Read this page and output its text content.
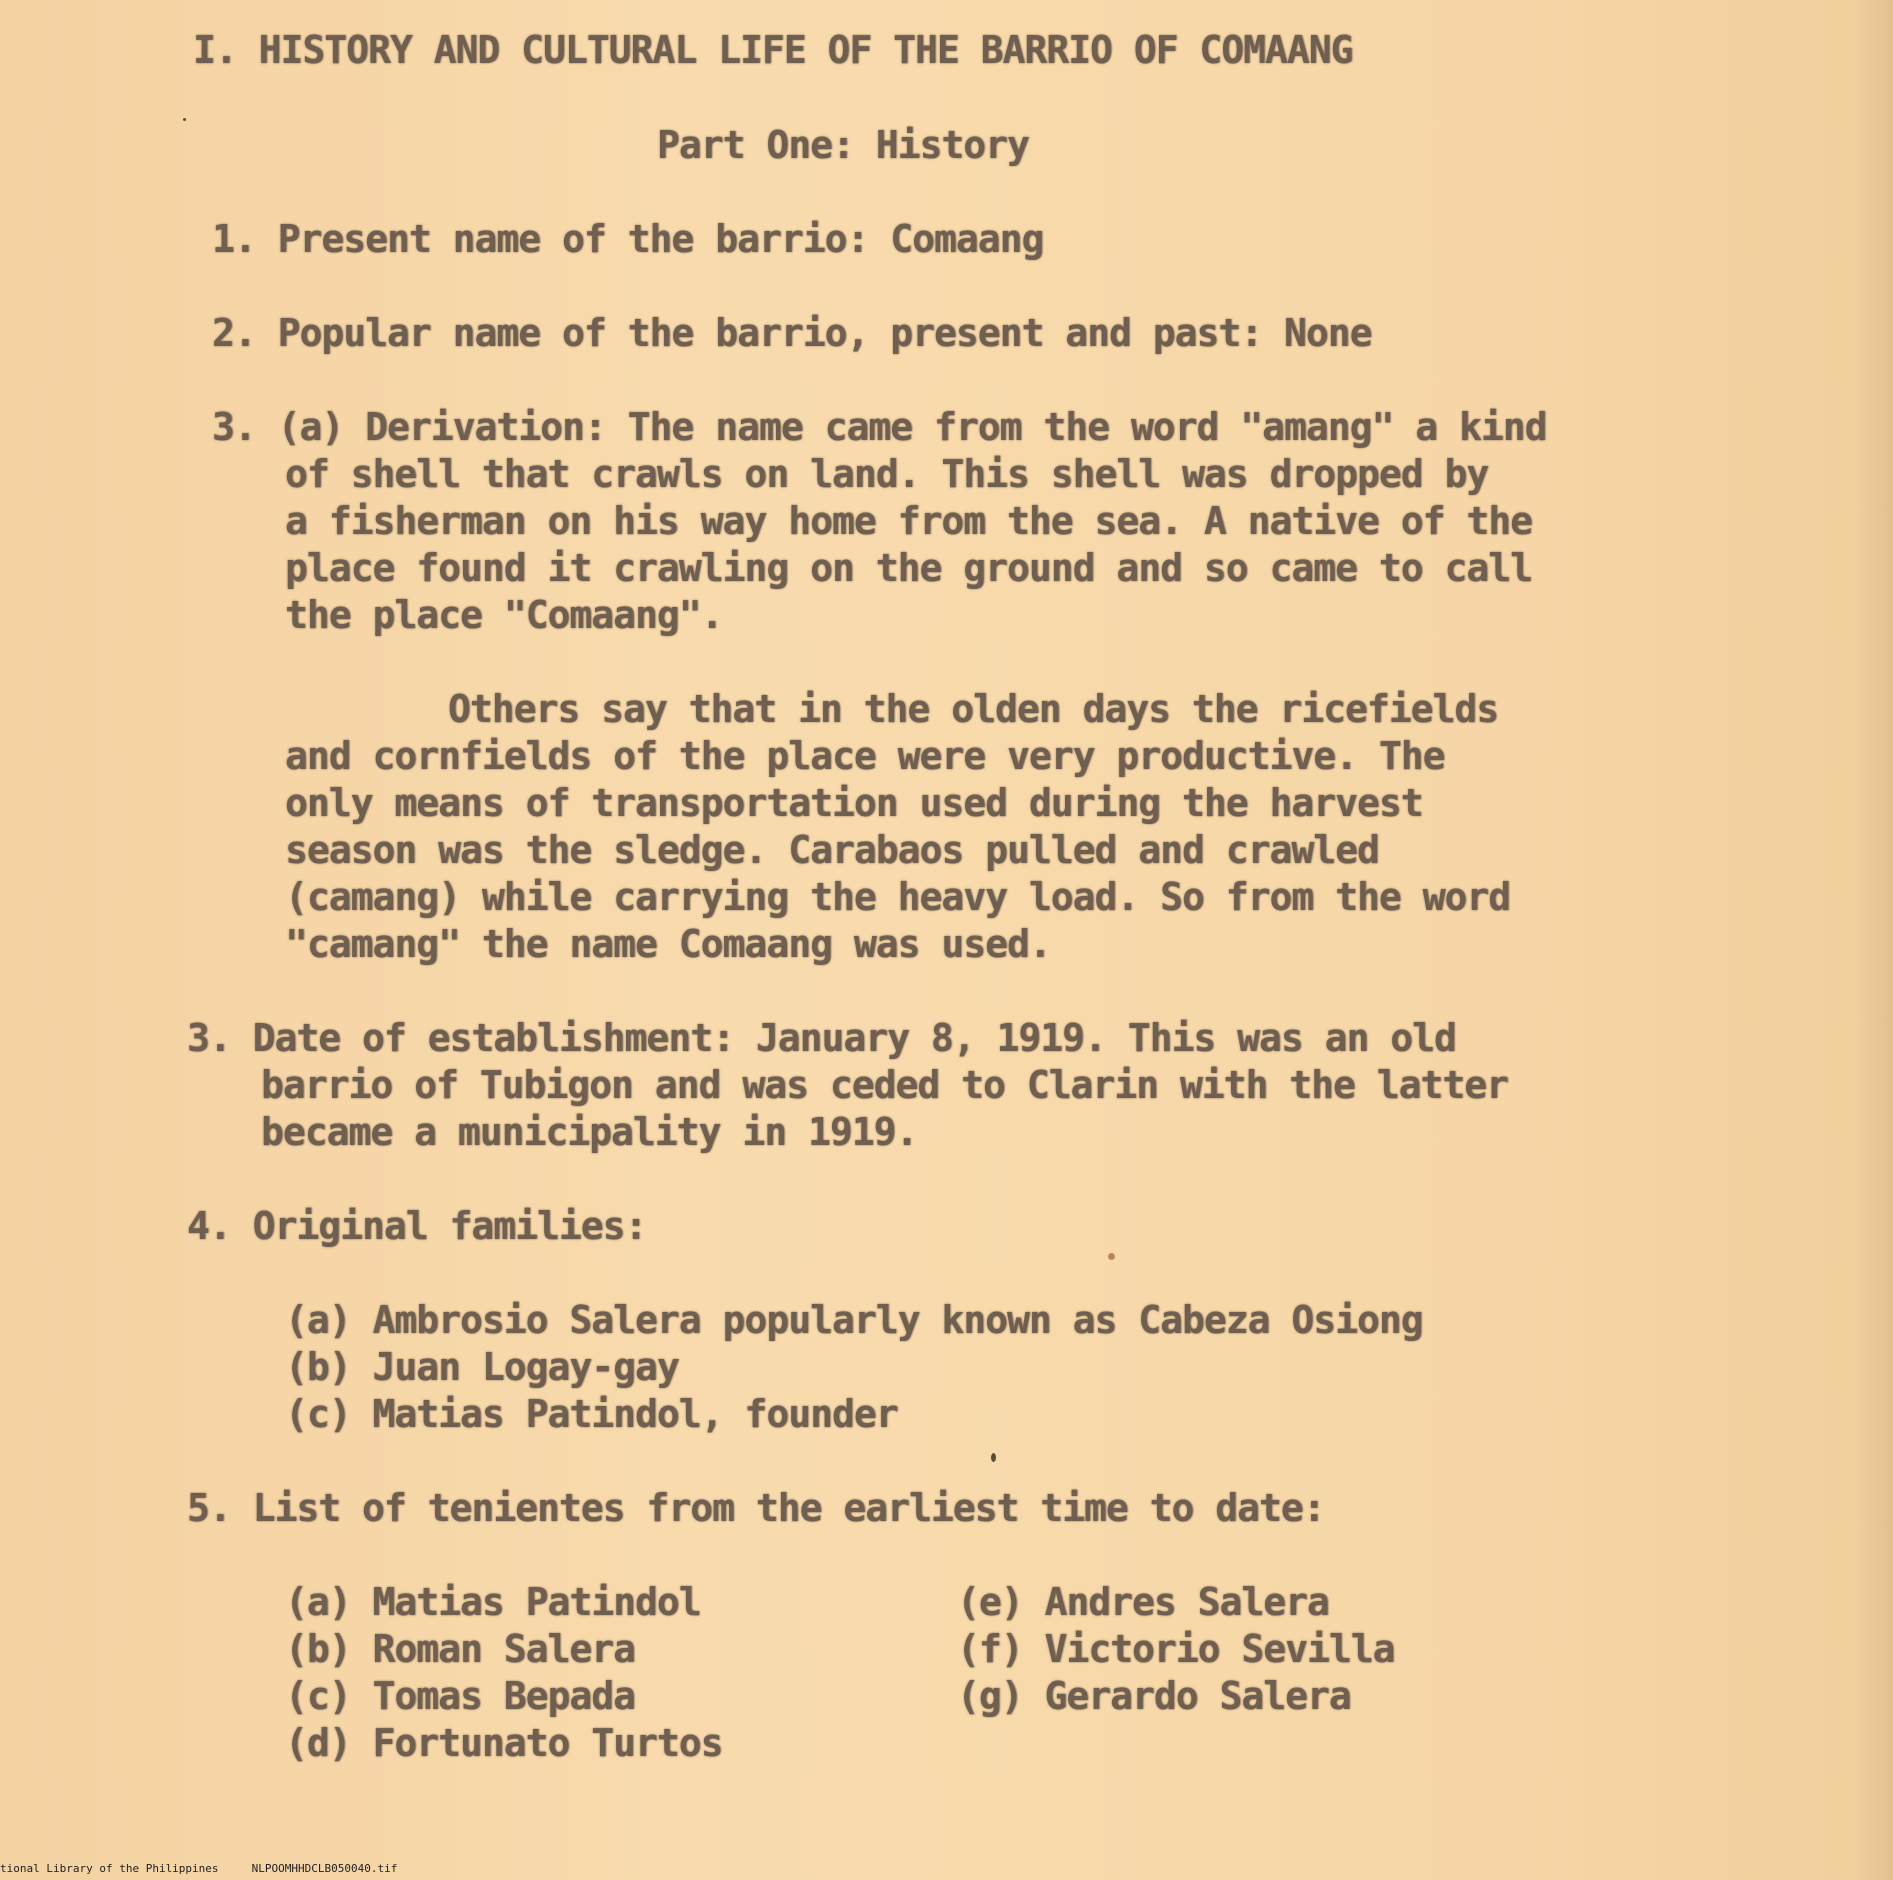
I. HISTORY AND CULTURAL LIFE OF THE BARRIO OF COMAANG

Part One: History

1. Present name of the barrio: Comaang

2. Popular name of the barrio, present and past: None

3. (a) Derivation: The name came from the word "amang" a kind

of shell that crawls on land. This shell was dropped by

a fisherman on his way home from the sea. A native of the

place found it crawling on the ground and so came to call

the place "Comaang".

Others say that in the olden days the ricefields

and cornfields of the place were very productive. The

only means of transportation used during the harvest

season was the sledge. Carabaos pulled and crawled

(camang) while carrying the heavy load. So from the word

"camang" the name Comaang was used.

3. Date of establishment: January 8, 1919. This was an old

barrio of Tubigon and was ceded to Clarin with the latter

became a municipality in 1919.

4. Original families:

(a) Ambrosio Salera popularly known as Cabeza Osiong

(b) Juan Logay-gay

(c) Matias Patindol, founder

5. List of tenientes from the earliest time to date:

(a) Matias Patindol

(b) Roman Salera

(c) Tomas Bepada

(d) Fortunato Turtos

(e) Andres Salera

(f) Victorio Sevilla

(g) Gerardo Salera

tional Library of the Philippines	NLPOOMHHDCLB050040.tif
